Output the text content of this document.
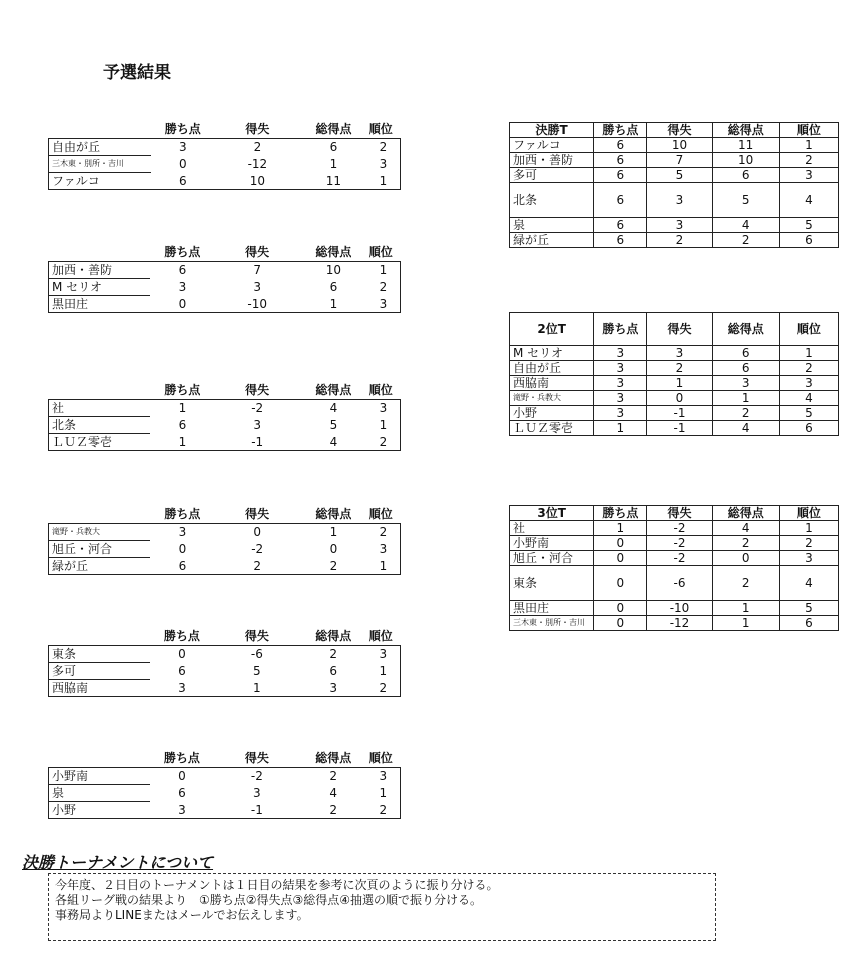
予選結果
	勝ち点	得失	総得点	順位
自由が丘	3	2	6	2
三木東・別所・吉川	0	-12	1	3
ファルコ	6	10	11	1
	勝ち点	得失	総得点	順位
加西・善防	6	7	10	1
M セリオ	3	3	6	2
黒田庄	0	-10	1	3
	勝ち点	得失	総得点	順位
社	1	-2	4	3
北条	6	3	5	1
ＬＵＺ零壱	1	-1	4	2
	勝ち点	得失	総得点	順位
滝野・兵教大	3	0	1	2
旭丘・河合	0	-2	0	3
緑が丘	6	2	2	1
	勝ち点	得失	総得点	順位
東条	0	-6	2	3
多可	6	5	6	1
西脇南	3	1	3	2
	勝ち点	得失	総得点	順位
小野南	0	-2	2	3
泉	6	3	4	1
小野	3	-1	2	2
決勝T	勝ち点	得失	総得点	順位
ファルコ	6	10	11	1
加西・善防	6	7	10	2
多可	6	5	6	3
北条	6	3	5	4
泉	6	3	4	5
緑が丘	6	2	2	6
2位T	勝ち点	得失	総得点	順位
M セリオ	3	3	6	1
自由が丘	3	2	6	2
西脇南	3	1	3	3
滝野・兵教大	3	0	1	4
小野	3	-1	2	5
ＬＵＺ零壱	1	-1	4	6
3位T	勝ち点	得失	総得点	順位
社	1	-2	4	1
小野南	0	-2	2	2
旭丘・河合	0	-2	0	3
東条	0	-6	2	4
黒田庄	0	-10	1	5
三木東・別所・吉川	0	-12	1	6
決勝トーナメントについて
今年度、２日目のトーナメントは１日目の結果を参考に次頁のように振り分ける。
各組リーグ戦の結果より　①勝ち点②得失点③総得点④抽選の順で振り分ける。
事務局よりLINEまたはメールでお伝えします。
